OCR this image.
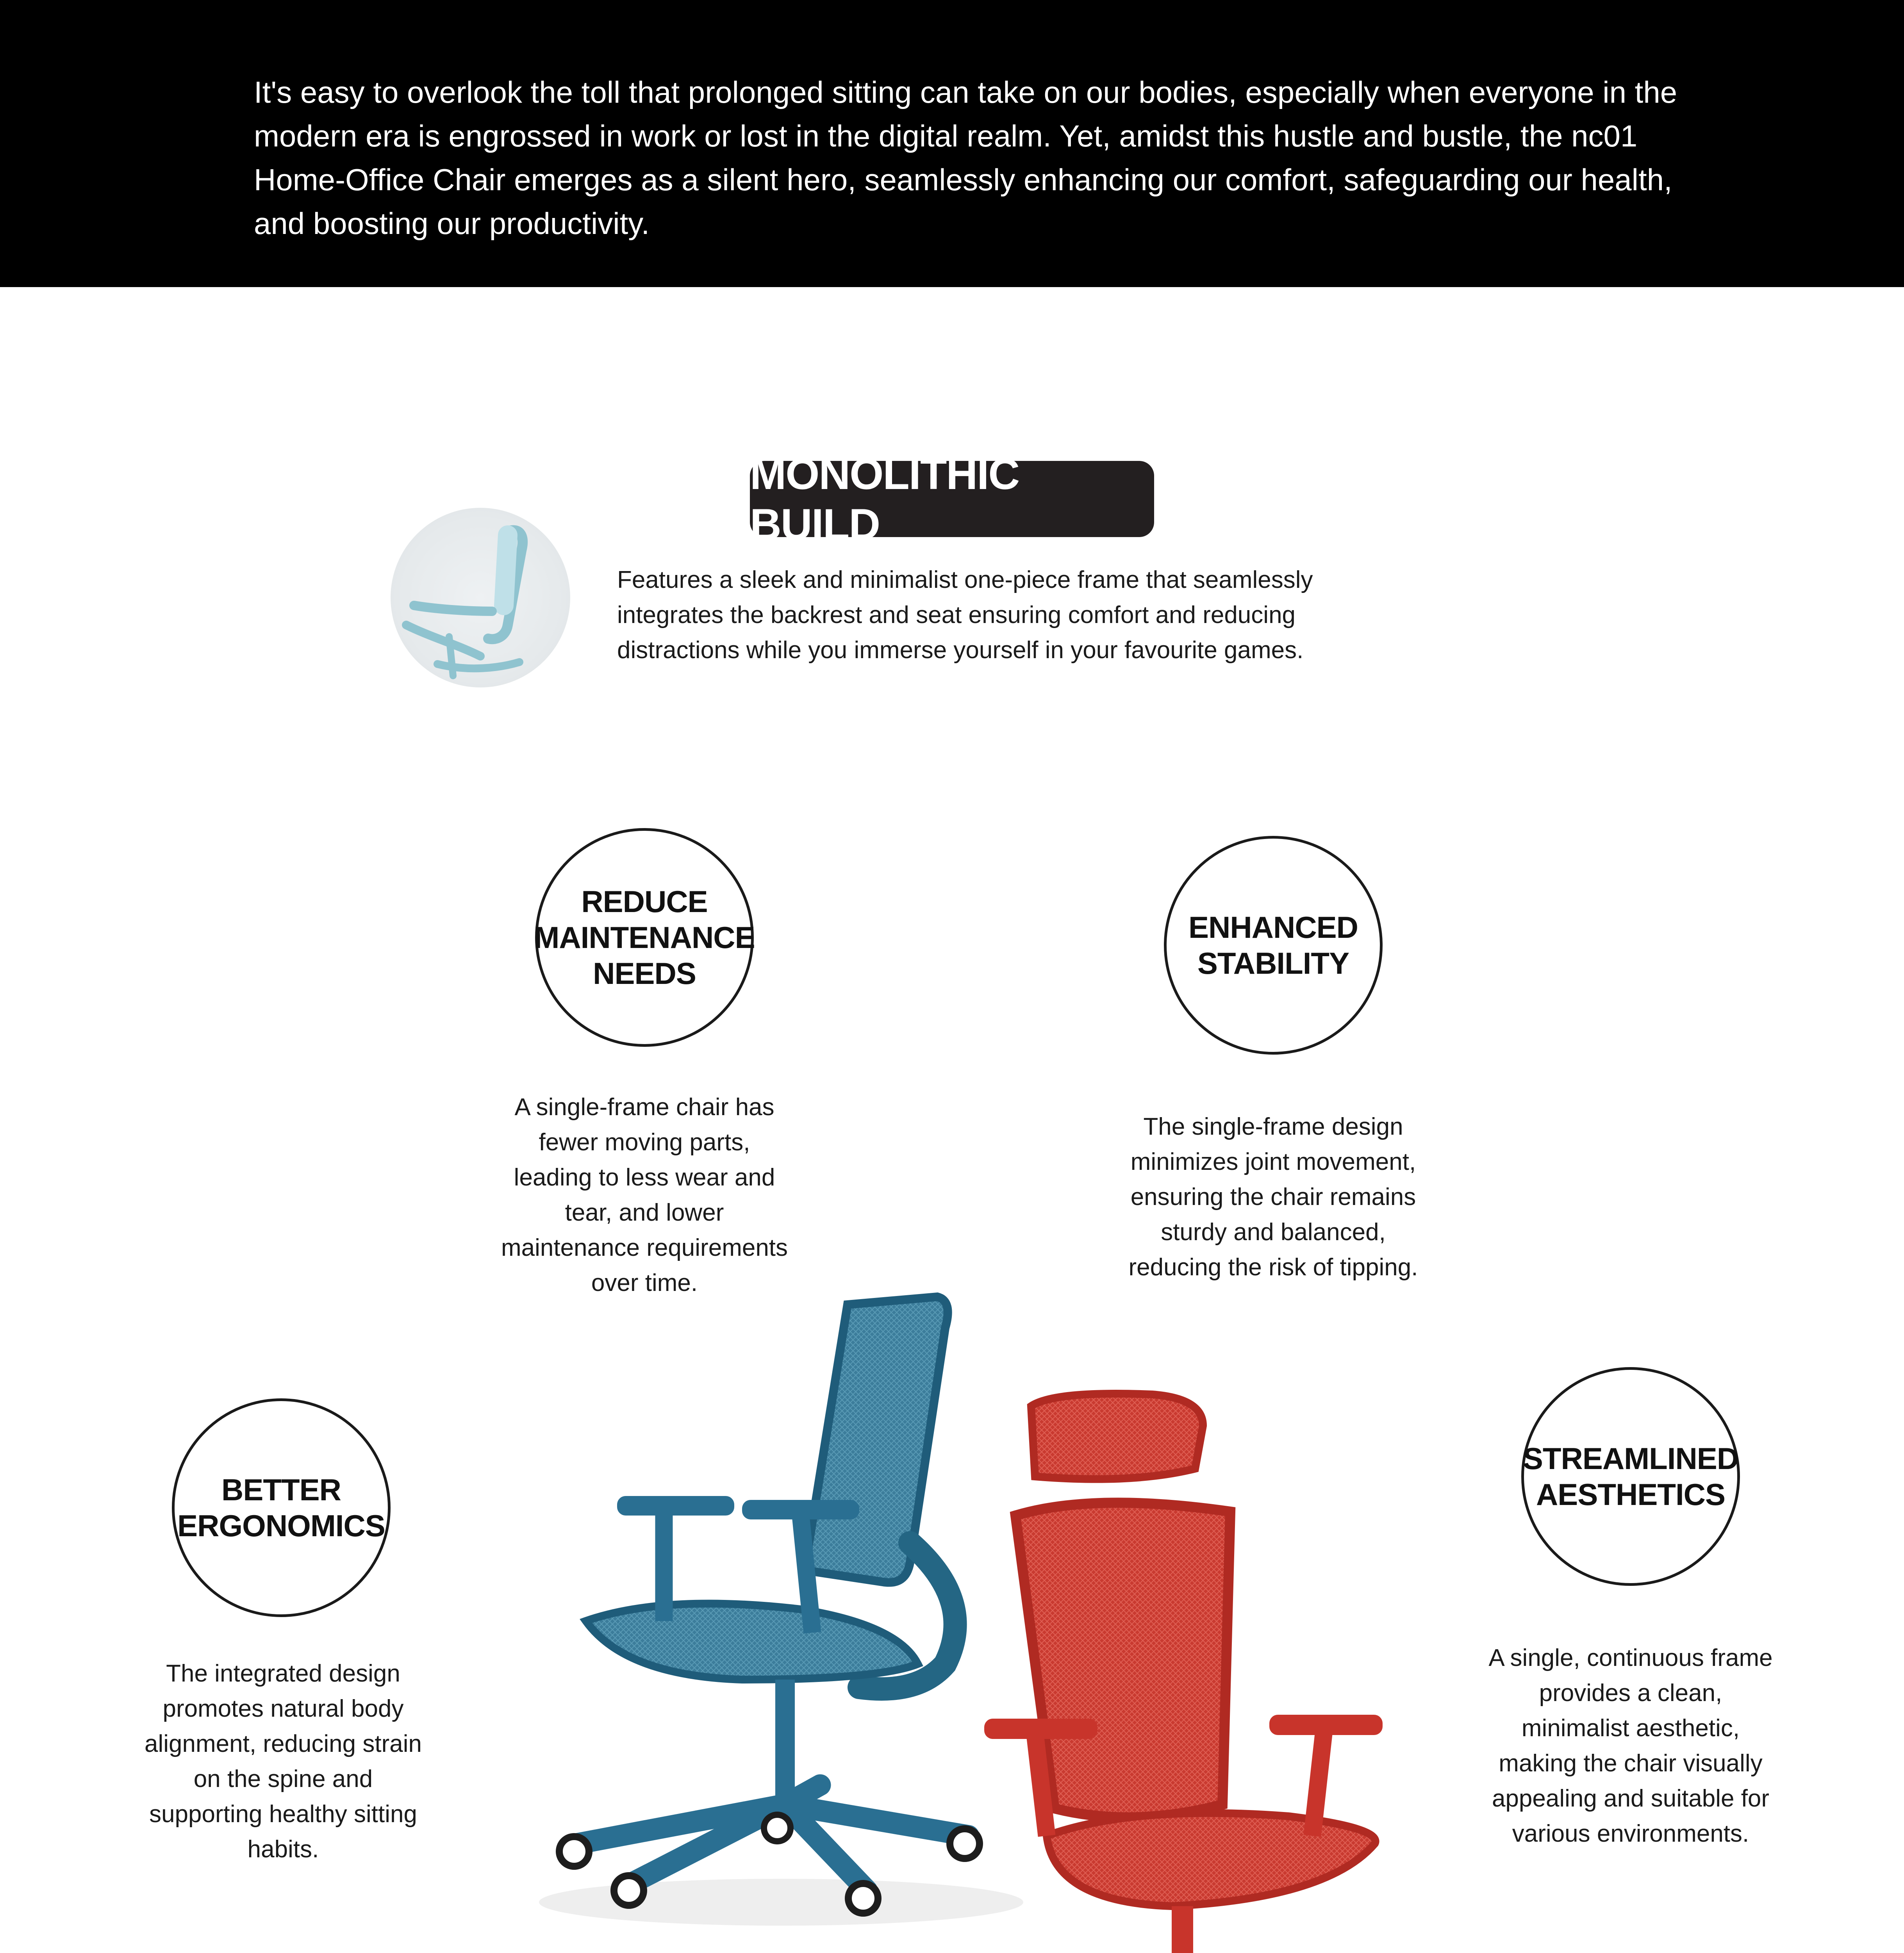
It's easy to overlook the toll that prolonged sitting can take on our bodies, especially when everyone in the modern era is engrossed in work or lost in the digital realm. Yet, amidst this hustle and bustle, the nc01 Home-Office Chair emerges as a silent hero, seamlessly enhancing our comfort, safeguarding our health, and boosting our productivity.
MONOLITHIC BUILD
Features a sleek and minimalist one-piece frame that seamlessly integrates the backrest and seat ensuring comfort and reducing distractions while you immerse yourself in your favourite games.
REDUCE
MAINTENANCE
NEEDS
A single-frame chair has fewer moving parts, leading to less wear and tear, and lower maintenance requirements over time.
ENHANCED
STABILITY
The single-frame design minimizes joint movement, ensuring the chair remains sturdy and balanced, reducing the risk of tipping.
BETTER
ERGONOMICS
The integrated design promotes natural body alignment, reducing strain on the spine and supporting healthy sitting habits.
STREAMLINED
AESTHETICS
A single, continuous frame provides a clean, minimalist aesthetic, making the chair visually appealing and suitable for various environments.
